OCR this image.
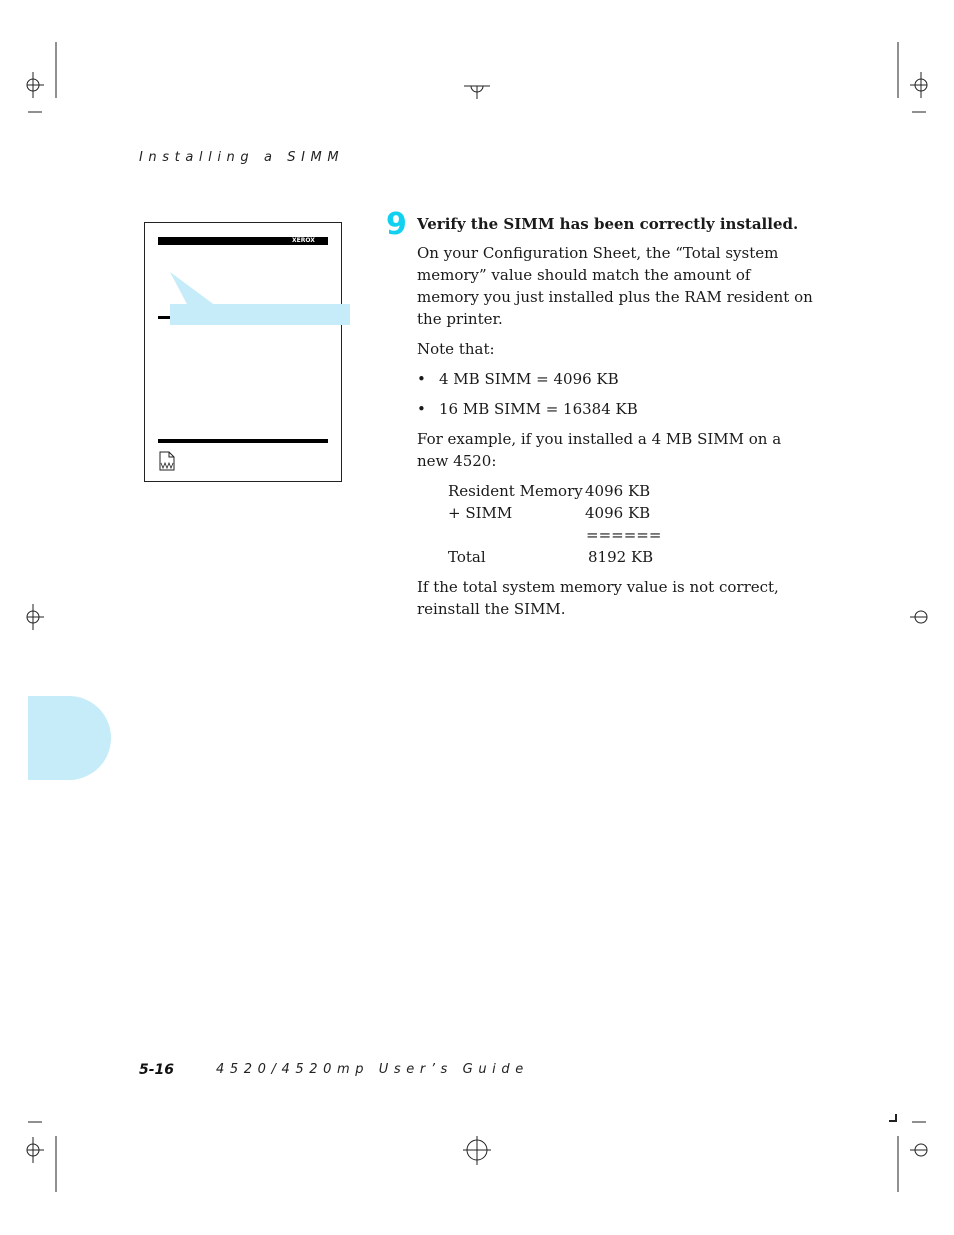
Installing a SIMM
XEROX 9 Verify the SIMM has been correctly installed.

On your Configuration Sheet, the “Total system memory” value should match the amount of memory you just installed plus the RAM resident on the printer.

Note that:

• 4 MB SIMM = 4096 KB
• 16 MB SIMM = 16384 KB

For example, if you installed a 4 MB SIMM on a new 4520:

Resident Memory	4096 KB
+ SIMM	4096 KB
	======
Total	8192 KB

If the total system memory value is not correct, reinstall the SIMM.

5-16	4520/4520mp User’s Guide
